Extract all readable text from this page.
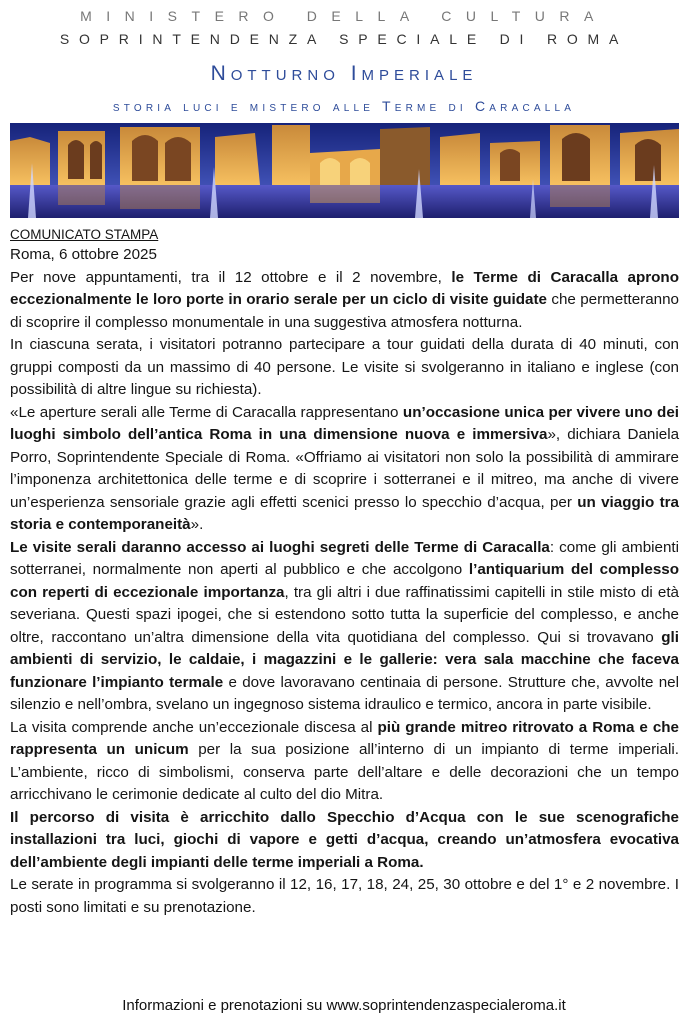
MINISTERO DELLA CULTURA
SOPRINTENDENZA SPECIALE DI ROMA
Notturno Imperiale
storia luci e mistero alle Terme di Caracalla
COMUNICATO STAMPA
Roma, 6 ottobre 2025
Per nove appuntamenti, tra il 12 ottobre e il 2 novembre, le Terme di Caracalla aprono eccezionalmente le loro porte in orario serale per un ciclo di visite guidate che permetteranno di scoprire il complesso monumentale in una suggestiva atmosfera notturna.
In ciascuna serata, i visitatori potranno partecipare a tour guidati della durata di 40 minuti, con gruppi composti da un massimo di 40 persone. Le visite si svolgeranno in italiano e inglese (con possibilità di altre lingue su richiesta).
«Le aperture serali alle Terme di Caracalla rappresentano un’occasione unica per vivere uno dei luoghi simbolo dell’antica Roma in una dimensione nuova e immersiva», dichiara Daniela Porro, Soprintendente Speciale di Roma. «Offriamo ai visitatori non solo la possibilità di ammirare l’imponenza architettonica delle terme e di scoprire i sotterranei e il mitreo, ma anche di vivere un’esperienza sensoriale grazie agli effetti scenici presso lo specchio d’acqua, per un viaggio tra storia e contemporaneità».
Le visite serali daranno accesso ai luoghi segreti delle Terme di Caracalla: come gli ambienti sotterranei, normalmente non aperti al pubblico e che accolgono l’antiquarium del complesso con reperti di eccezionale importanza, tra gli altri i due raffinatissimi capitelli in stile misto di età severiana. Questi spazi ipogei, che si estendono sotto tutta la superficie del complesso, e anche oltre, raccontano un’altra dimensione della vita quotidiana del complesso. Qui si trovavano gli ambienti di servizio, le caldaie, i magazzini e le gallerie: vera sala macchine che faceva funzionare l’impianto termale e dove lavoravano centinaia di persone. Strutture che, avvolte nel silenzio e nell’ombra, svelano un ingegnoso sistema idraulico e termico, ancora in parte visibile.
La visita comprende anche un’eccezionale discesa al più grande mitreo ritrovato a Roma e che rappresenta un unicum per la sua posizione all’interno di un impianto di terme imperiali. L’ambiente, ricco di simbolismi, conserva parte dell’altare e delle decorazioni che un tempo arricchivano le cerimonie dedicate al culto del dio Mitra.
Il percorso di visita è arricchito dallo Specchio d’Acqua con le sue scenografiche installazioni tra luci, giochi di vapore e getti d’acqua, creando un’atmosfera evocativa dell’ambiente degli impianti delle terme imperiali a Roma.
Le serate in programma si svolgeranno il 12, 16, 17, 18, 24, 25, 30 ottobre e del 1° e 2 novembre. I posti sono limitati e su prenotazione.
Informazioni e prenotazioni su www.soprintendenzaspecialeroma.it
